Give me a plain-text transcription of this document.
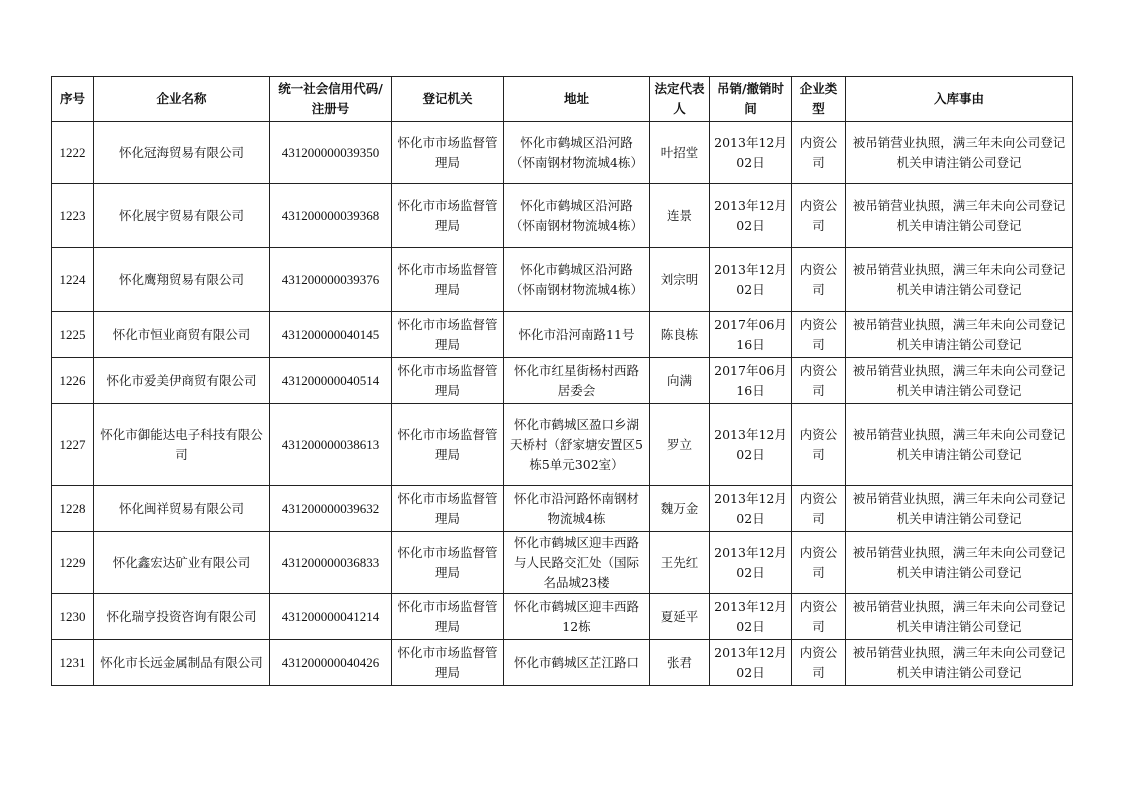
序号	企业名称	统一社会信用代码/注册号	登记机关	地址	法定代表人	吊销/撤销时间	企业类型	入库事由
1222	怀化冠海贸易有限公司	431200000039350	怀化市市场监督管理局	怀化市鹤城区沿河路（怀南钢材物流城4栋）	叶招堂	2013年12月02日	内资公司	被吊销营业执照，满三年未向公司登记机关申请注销公司登记
1223	怀化展宇贸易有限公司	431200000039368	怀化市市场监督管理局	怀化市鹤城区沿河路（怀南钢材物流城4栋）	连景	2013年12月02日	内资公司	被吊销营业执照，满三年未向公司登记机关申请注销公司登记
1224	怀化鹰翔贸易有限公司	431200000039376	怀化市市场监督管理局	怀化市鹤城区沿河路（怀南钢材物流城4栋）	刘宗明	2013年12月02日	内资公司	被吊销营业执照，满三年未向公司登记机关申请注销公司登记
1225	怀化市恒业商贸有限公司	431200000040145	怀化市市场监督管理局	怀化市沿河南路11号	陈良栋	2017年06月16日	内资公司	被吊销营业执照，满三年未向公司登记机关申请注销公司登记
1226	怀化市爱美伊商贸有限公司	431200000040514	怀化市市场监督管理局	怀化市红星街杨村西路居委会	向满	2017年06月16日	内资公司	被吊销营业执照，满三年未向公司登记机关申请注销公司登记
1227	怀化市御能达电子科技有限公司	431200000038613	怀化市市场监督管理局	怀化市鹤城区盈口乡湖天桥村（舒家塘安置区5栋5单元302室）	罗立	2013年12月02日	内资公司	被吊销营业执照，满三年未向公司登记机关申请注销公司登记
1228	怀化闽祥贸易有限公司	431200000039632	怀化市市场监督管理局	怀化市沿河路怀南钢材物流城4栋	魏万金	2013年12月02日	内资公司	被吊销营业执照，满三年未向公司登记机关申请注销公司登记
1229	怀化鑫宏达矿业有限公司	431200000036833	怀化市市场监督管理局	怀化市鹤城区迎丰西路与人民路交汇处（国际名品城23楼	王先红	2013年12月02日	内资公司	被吊销营业执照，满三年未向公司登记机关申请注销公司登记
1230	怀化瑞亨投资咨询有限公司	431200000041214	怀化市市场监督管理局	怀化市鹤城区迎丰西路12栋	夏延平	2013年12月02日	内资公司	被吊销营业执照，满三年未向公司登记机关申请注销公司登记
1231	怀化市长远金属制品有限公司	431200000040426	怀化市市场监督管理局	怀化市鹤城区芷江路口	张君	2013年12月02日	内资公司	被吊销营业执照，满三年未向公司登记机关申请注销公司登记
